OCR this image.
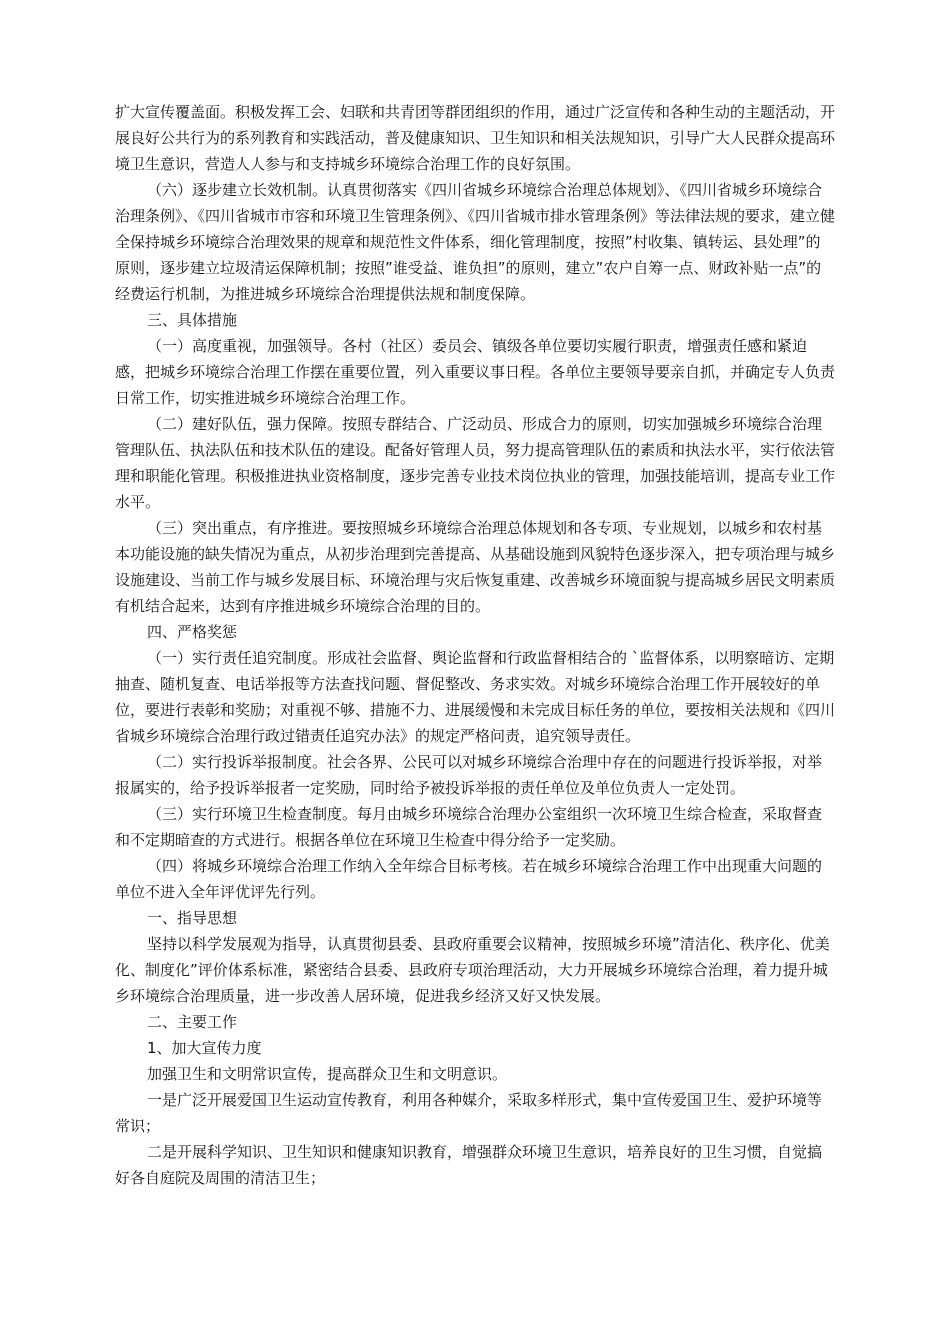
扩大宣传覆盖面。积极发挥工会、妇联和共青团等群团组织的作用，通过广泛宣传和各种生动的主题活动，开展良好公共行为的系列教育和实践活动，普及健康知识、卫生知识和相关法规知识，引导广大人民群众提高环境卫生意识，营造人人参与和支持城乡环境综合治理工作的良好氛围。

（六）逐步建立长效机制。认真贯彻落实《四川省城乡环境综合治理总体规划》、《四川省城乡环境综合治理条例》、《四川省城市市容和环境卫生管理条例》、《四川省城市排水管理条例》等法律法规的要求，建立健全保持城乡环境综合治理效果的规章和规范性文件体系，细化管理制度，按照”村收集、镇转运、县处理”的原则，逐步建立垃圾清运保障机制；按照”谁受益、谁负担”的原则，建立”农户自筹一点、财政补贴一点”的经费运行机制，为推进城乡环境综合治理提供法规和制度保障。

三、具体措施

（一）高度重视，加强领导。各村（社区）委员会、镇级各单位要切实履行职责，增强责任感和紧迫感，把城乡环境综合治理工作摆在重要位置，列入重要议事日程。各单位主要领导要亲自抓，并确定专人负责日常工作，切实推进城乡环境综合治理工作。

（二）建好队伍，强力保障。按照专群结合、广泛动员、形成合力的原则，切实加强城乡环境综合治理管理队伍、执法队伍和技术队伍的建设。配备好管理人员，努力提高管理队伍的素质和执法水平，实行依法管理和职能化管理。积极推进执业资格制度，逐步完善专业技术岗位执业的管理，加强技能培训，提高专业工作水平。

（三）突出重点，有序推进。要按照城乡环境综合治理总体规划和各专项、专业规划，以城乡和农村基本功能设施的缺失情况为重点，从初步治理到完善提高、从基础设施到风貌特色逐步深入，把专项治理与城乡设施建设、当前工作与城乡发展目标、环境治理与灾后恢复重建、改善城乡环境面貌与提高城乡居民文明素质有机结合起来，达到有序推进城乡环境综合治理的目的。

四、严格奖惩

（一）实行责任追究制度。形成社会监督、舆论监督和行政监督相结合的 `监督体系，以明察暗访、定期抽查、随机复查、电话举报等方法查找问题、督促整改、务求实效。对城乡环境综合治理工作开展较好的单位，要进行表彰和奖励；对重视不够、措施不力、进展缓慢和未完成目标任务的单位，要按相关法规和《四川省城乡环境综合治理行政过错责任追究办法》的规定严格问责，追究领导责任。

（二）实行投诉举报制度。社会各界、公民可以对城乡环境综合治理中存在的问题进行投诉举报，对举报属实的，给予投诉举报者一定奖励，同时给予被投诉举报的责任单位及单位负责人一定处罚。

（三）实行环境卫生检查制度。每月由城乡环境综合治理办公室组织一次环境卫生综合检查，采取督查和不定期暗查的方式进行。根据各单位在环境卫生检查中得分给予一定奖励。

（四）将城乡环境综合治理工作纳入全年综合目标考核。若在城乡环境综合治理工作中出现重大问题的单位不进入全年评优评先行列。

一、指导思想

坚持以科学发展观为指导，认真贯彻县委、县政府重要会议精神，按照城乡环境”清洁化、秩序化、优美化、制度化”评价体系标准，紧密结合县委、县政府专项治理活动，大力开展城乡环境综合治理，着力提升城乡环境综合治理质量，进一步改善人居环境，促进我乡经济又好又快发展。

二、主要工作

1、加大宣传力度

加强卫生和文明常识宣传，提高群众卫生和文明意识。

一是广泛开展爱国卫生运动宣传教育，利用各种媒介，采取多样形式，集中宣传爱国卫生、爱护环境等常识；

二是开展科学知识、卫生知识和健康知识教育，增强群众环境卫生意识，培养良好的卫生习惯，自觉搞好各自庭院及周围的清洁卫生；
